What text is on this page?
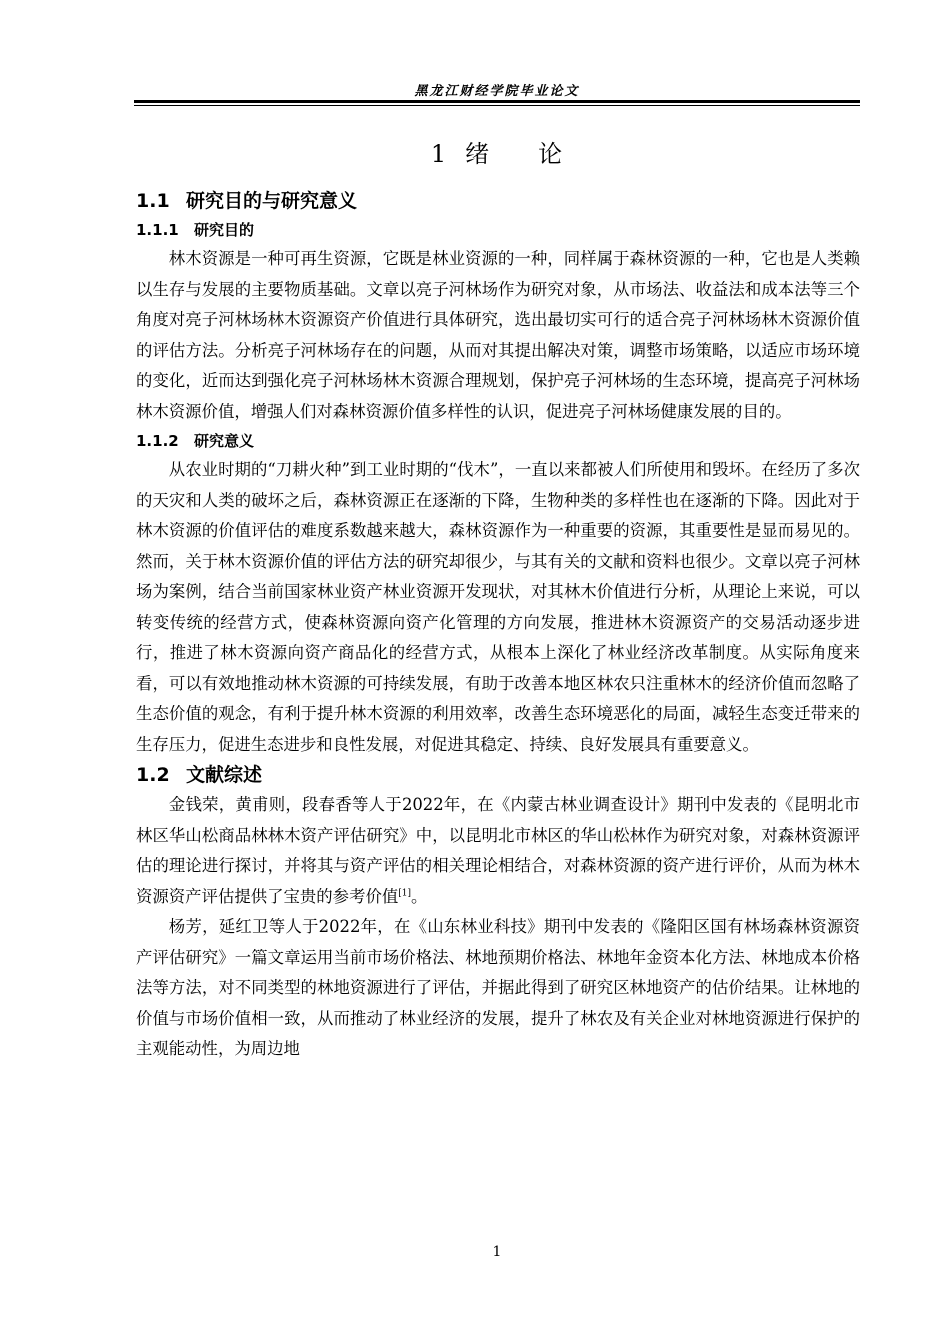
黑龙江财经学院毕业论文
1 绪 论
1.1 研究目的与研究意义
1.1.1 研究目的

林木资源是一种可再生资源，它既是林业资源的一种，同样属于森林资源的一种，它也是人类赖以生存与发展的主要物质基础。文章以亮子河林场作为研究对象，从市场法、收益法和成本法等三个角度对亮子河林场林木资源资产价值进行具体研究，选出最切实可行的适合亮子河林场林木资源价值的评估方法。分析亮子河林场存在的问题，从而对其提出解决对策，调整市场策略，以适应市场环境的变化，近而达到强化亮子河林场林木资源合理规划，保护亮子河林场的生态环境，提高亮子河林场林木资源价值，增强人们对森林资源价值多样性的认识，促进亮子河林场健康发展的目的。

1.1.2 研究意义

从农业时期的“刀耕火种”到工业时期的“伐木”，一直以来都被人们所使用和毁坏。在经历了多次的天灾和人类的破坏之后，森林资源正在逐渐的下降，生物种类的多样性也在逐渐的下降。因此对于林木资源的价值评估的难度系数越来越大，森林资源作为一种重要的资源，其重要性是显而易见的。然而，关于林木资源价值的评估方法的研究却很少，与其有关的文献和资料也很少。文章以亮子河林场为案例，结合当前国家林业资产林业资源开发现状，对其林木价值进行分析，从理论上来说，可以转变传统的经营方式，使森林资源向资产化管理的方向发展，推进林木资源资产的交易活动逐步进行，推进了林木资源向资产商品化的经营方式，从根本上深化了林业经济改革制度。从实际角度来看，可以有效地推动林木资源的可持续发展，有助于改善本地区林农只注重林木的经济价值而忽略了生态价值的观念，有利于提升林木资源的利用效率，改善生态环境恶化的局面，减轻生态变迁带来的生存压力，促进生态进步和良性发展，对促进其稳定、持续、良好发展具有重要意义。

1.2 文献综述

金钱荣，黄甫则，段春香等人于2022年，在《内蒙古林业调查设计》期刊中发表的《昆明北市林区华山松商品林林木资产评估研究》中，以昆明北市林区的华山松林作为研究对象，对森林资源评估的理论进行探讨，并将其与资产评估的相关理论相结合，对森林资源的资产进行评价，从而为林木资源资产评估提供了宝贵的参考价值[1]。

杨芳，延红卫等人于2022年，在《山东林业科技》期刊中发表的《隆阳区国有林场森林资源资产评估研究》一篇文章运用当前市场价格法、林地预期价格法、林地年金资本化方法、林地成本价格法等方法，对不同类型的林地资源进行了评估，并据此得到了研究区林地资产的估价结果。让林地的价值与市场价值相一致，从而推动了林业经济的发展，提升了林农及有关企业对林地资源进行保护的主观能动性，为周边地

1
